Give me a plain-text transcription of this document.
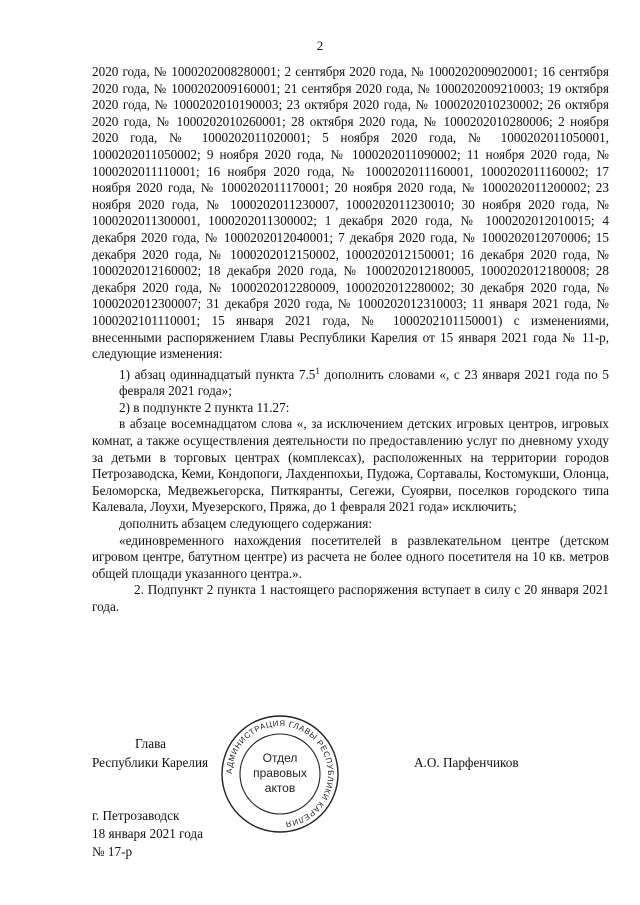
2

2020 года, № 1000202008280001; 2 сентября 2020 года, № 1000202009020001; 16 сентября 2020 года, № 1000202009160001; 21 сентября 2020 года, № 1000202009210003; 19 октября 2020 года, № 1000202010190003; 23 октября 2020 года, № 1000202010230002; 26 октября 2020 года, № 1000202010260001; 28 октября 2020 года, № 1000202010280006; 2 ноября 2020 года, № 1000202011020001; 5 ноября 2020 года, № 1000202011050001, 1000202011050002; 9 ноября 2020 года, № 1000202011090002; 11 ноября 2020 года, № 1000202011110001; 16 ноября 2020 года, № 1000202011160001, 1000202011160002; 17 ноября 2020 года, № 1000202011170001; 20 ноября 2020 года, № 1000202011200002; 23 ноября 2020 года, № 1000202011230007, 1000202011230010; 30 ноября 2020 года, № 1000202011300001, 1000202011300002; 1 декабря 2020 года, № 1000202012010015; 4 декабря 2020 года, № 1000202012040001; 7 декабря 2020 года, № 1000202012070006; 15 декабря 2020 года, № 1000202012150002, 1000202012150001; 16 декабря 2020 года, № 1000202012160002; 18 декабря 2020 года, № 1000202012180005, 1000202012180008; 28 декабря 2020 года, № 1000202012280009, 1000202012280002; 30 декабря 2020 года, № 1000202012300007; 31 декабря 2020 года, № 1000202012310003; 11 января 2021 года, № 1000202101110001; 15 января 2021 года, № 1000202101150001) с изменениями, внесенными распоряжением Главы Республики Карелия от 15 января 2021 года № 11-р, следующие изменения:

1) абзац одиннадцатый пункта $7.5^1$ дополнить словами «, с 23 января 2021 года по 5 февраля 2021 года»;

2) в подпункте 2 пункта 11.27:

в абзаце восемнадцатом слова «, за исключением детских игровых центров, игровых комнат, а также осуществления деятельности по предоставлению услуг по дневному уходу за детьми в торговых центрах (комплексах), расположенных на территории городов Петрозаводска, Кеми, Кондопоги, Лахденпохьи, Пудожа, Сортавалы, Костомукши, Олонца, Беломорска, Медвежьегорска, Питкяранты, Сегежи, Суоярви, поселков городского типа Калевала, Лоухи, Муезерского, Пряжа, до 1 февраля 2021 года» исключить;

дополнить абзацем следующего содержания:

«единовременного нахождения посетителей в развлекательном центре (детском игровом центре, батутном центре) из расчета не более одного посетителя на 10 кв. метров общей площади указанного центра.».

2. Подпункт 2 пункта 1 настоящего распоряжения вступает в силу с 20 января 2021 года.

Глава
Республики Карелия	А.О. Парфенчиков
АДМИНИСТРАЦИЯ ГЛАВЫ РЕСПУБЛИКИ КАРЕЛИЯ
Отдел
правовых
актов
г. Петрозаводск
18 января 2021 года
№ 17-р
